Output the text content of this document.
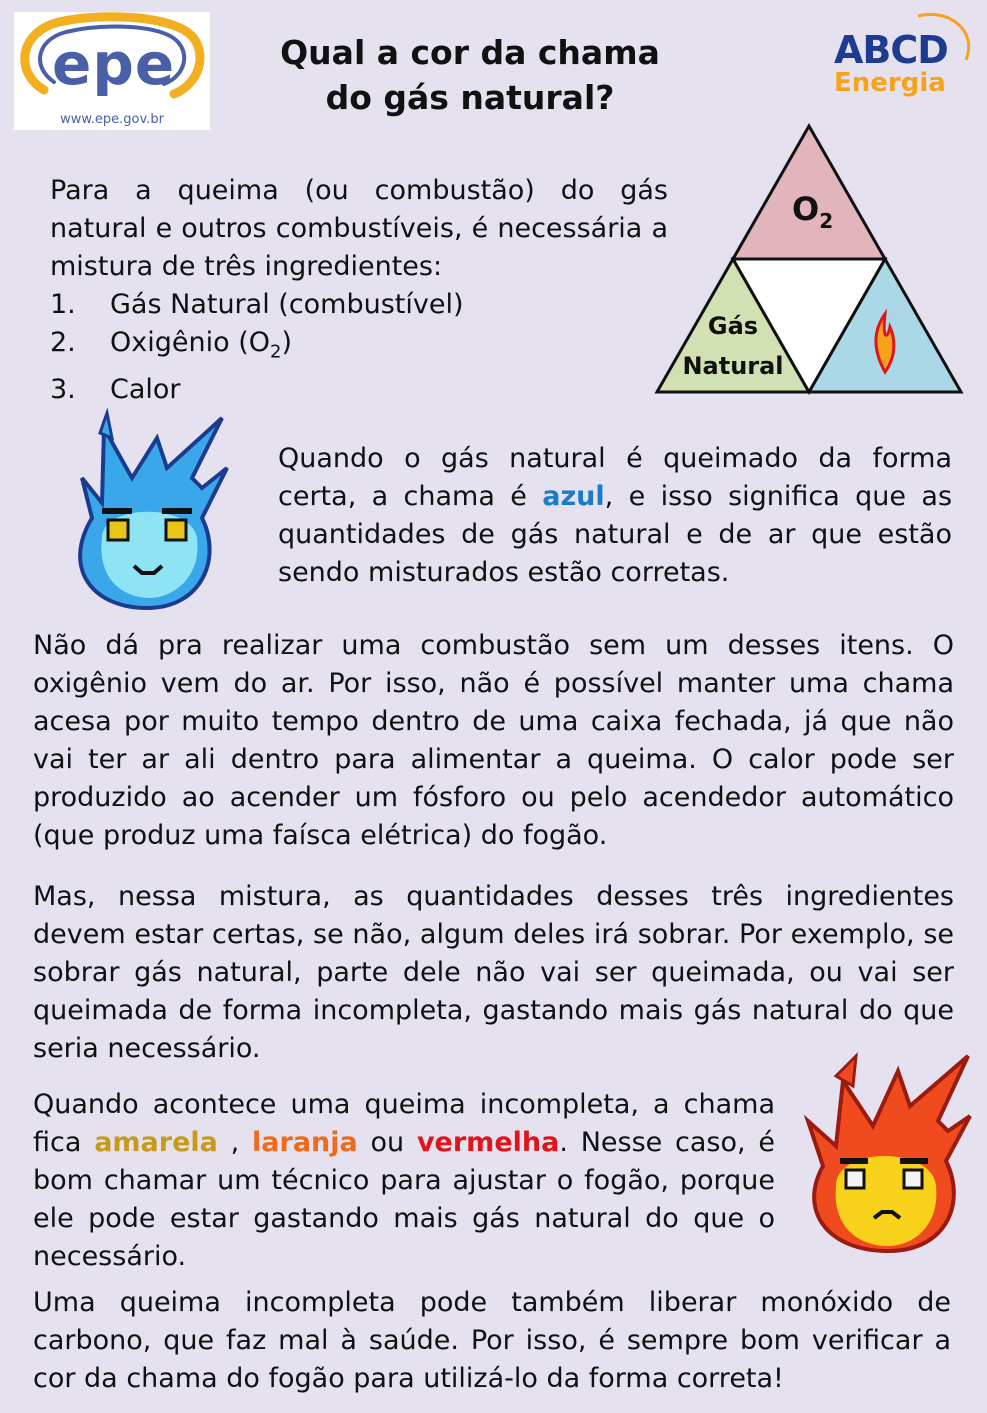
epe
www.epe.gov.br
Qual a cor da chama
do gás natural?
ABCD
Energia
Para a queima (ou combustão) do gás natural e outros combustíveis, é necessária a mistura de três ingredientes:
1.	Gás Natural (combustível)
2.	Oxigênio $(O_2)$
3.	Calor
$O_2$
Gás
Natural
Quando o gás natural é queimado da forma certa, a chama é azul, e isso significa que as quantidades de gás natural e de ar que estão sendo misturados estão corretas.
Não dá pra realizar uma combustão sem um desses itens. O oxigênio vem do ar. Por isso, não é possível manter uma chama acesa por muito tempo dentro de uma caixa fechada, já que não vai ter ar ali dentro para alimentar a queima. O calor pode ser produzido ao acender um fósforo ou pelo acendedor automático (que produz uma faísca elétrica) do fogão.
Mas, nessa mistura, as quantidades desses três ingredientes devem estar certas, se não, algum deles irá sobrar. Por exemplo, se sobrar gás natural, parte dele não vai ser queimada, ou vai ser queimada de forma incompleta, gastando mais gás natural do que seria necessário.
Quando acontece uma queima incompleta, a chama fica amarela , laranja ou vermelha. Nesse caso, é bom chamar um técnico para ajustar o fogão, porque ele pode estar gastando mais gás natural do que o necessário.
Uma queima incompleta pode também liberar monóxido de carbono, que faz mal à saúde. Por isso, é sempre bom verificar a cor da chama do fogão para utilizá-lo da forma correta!
